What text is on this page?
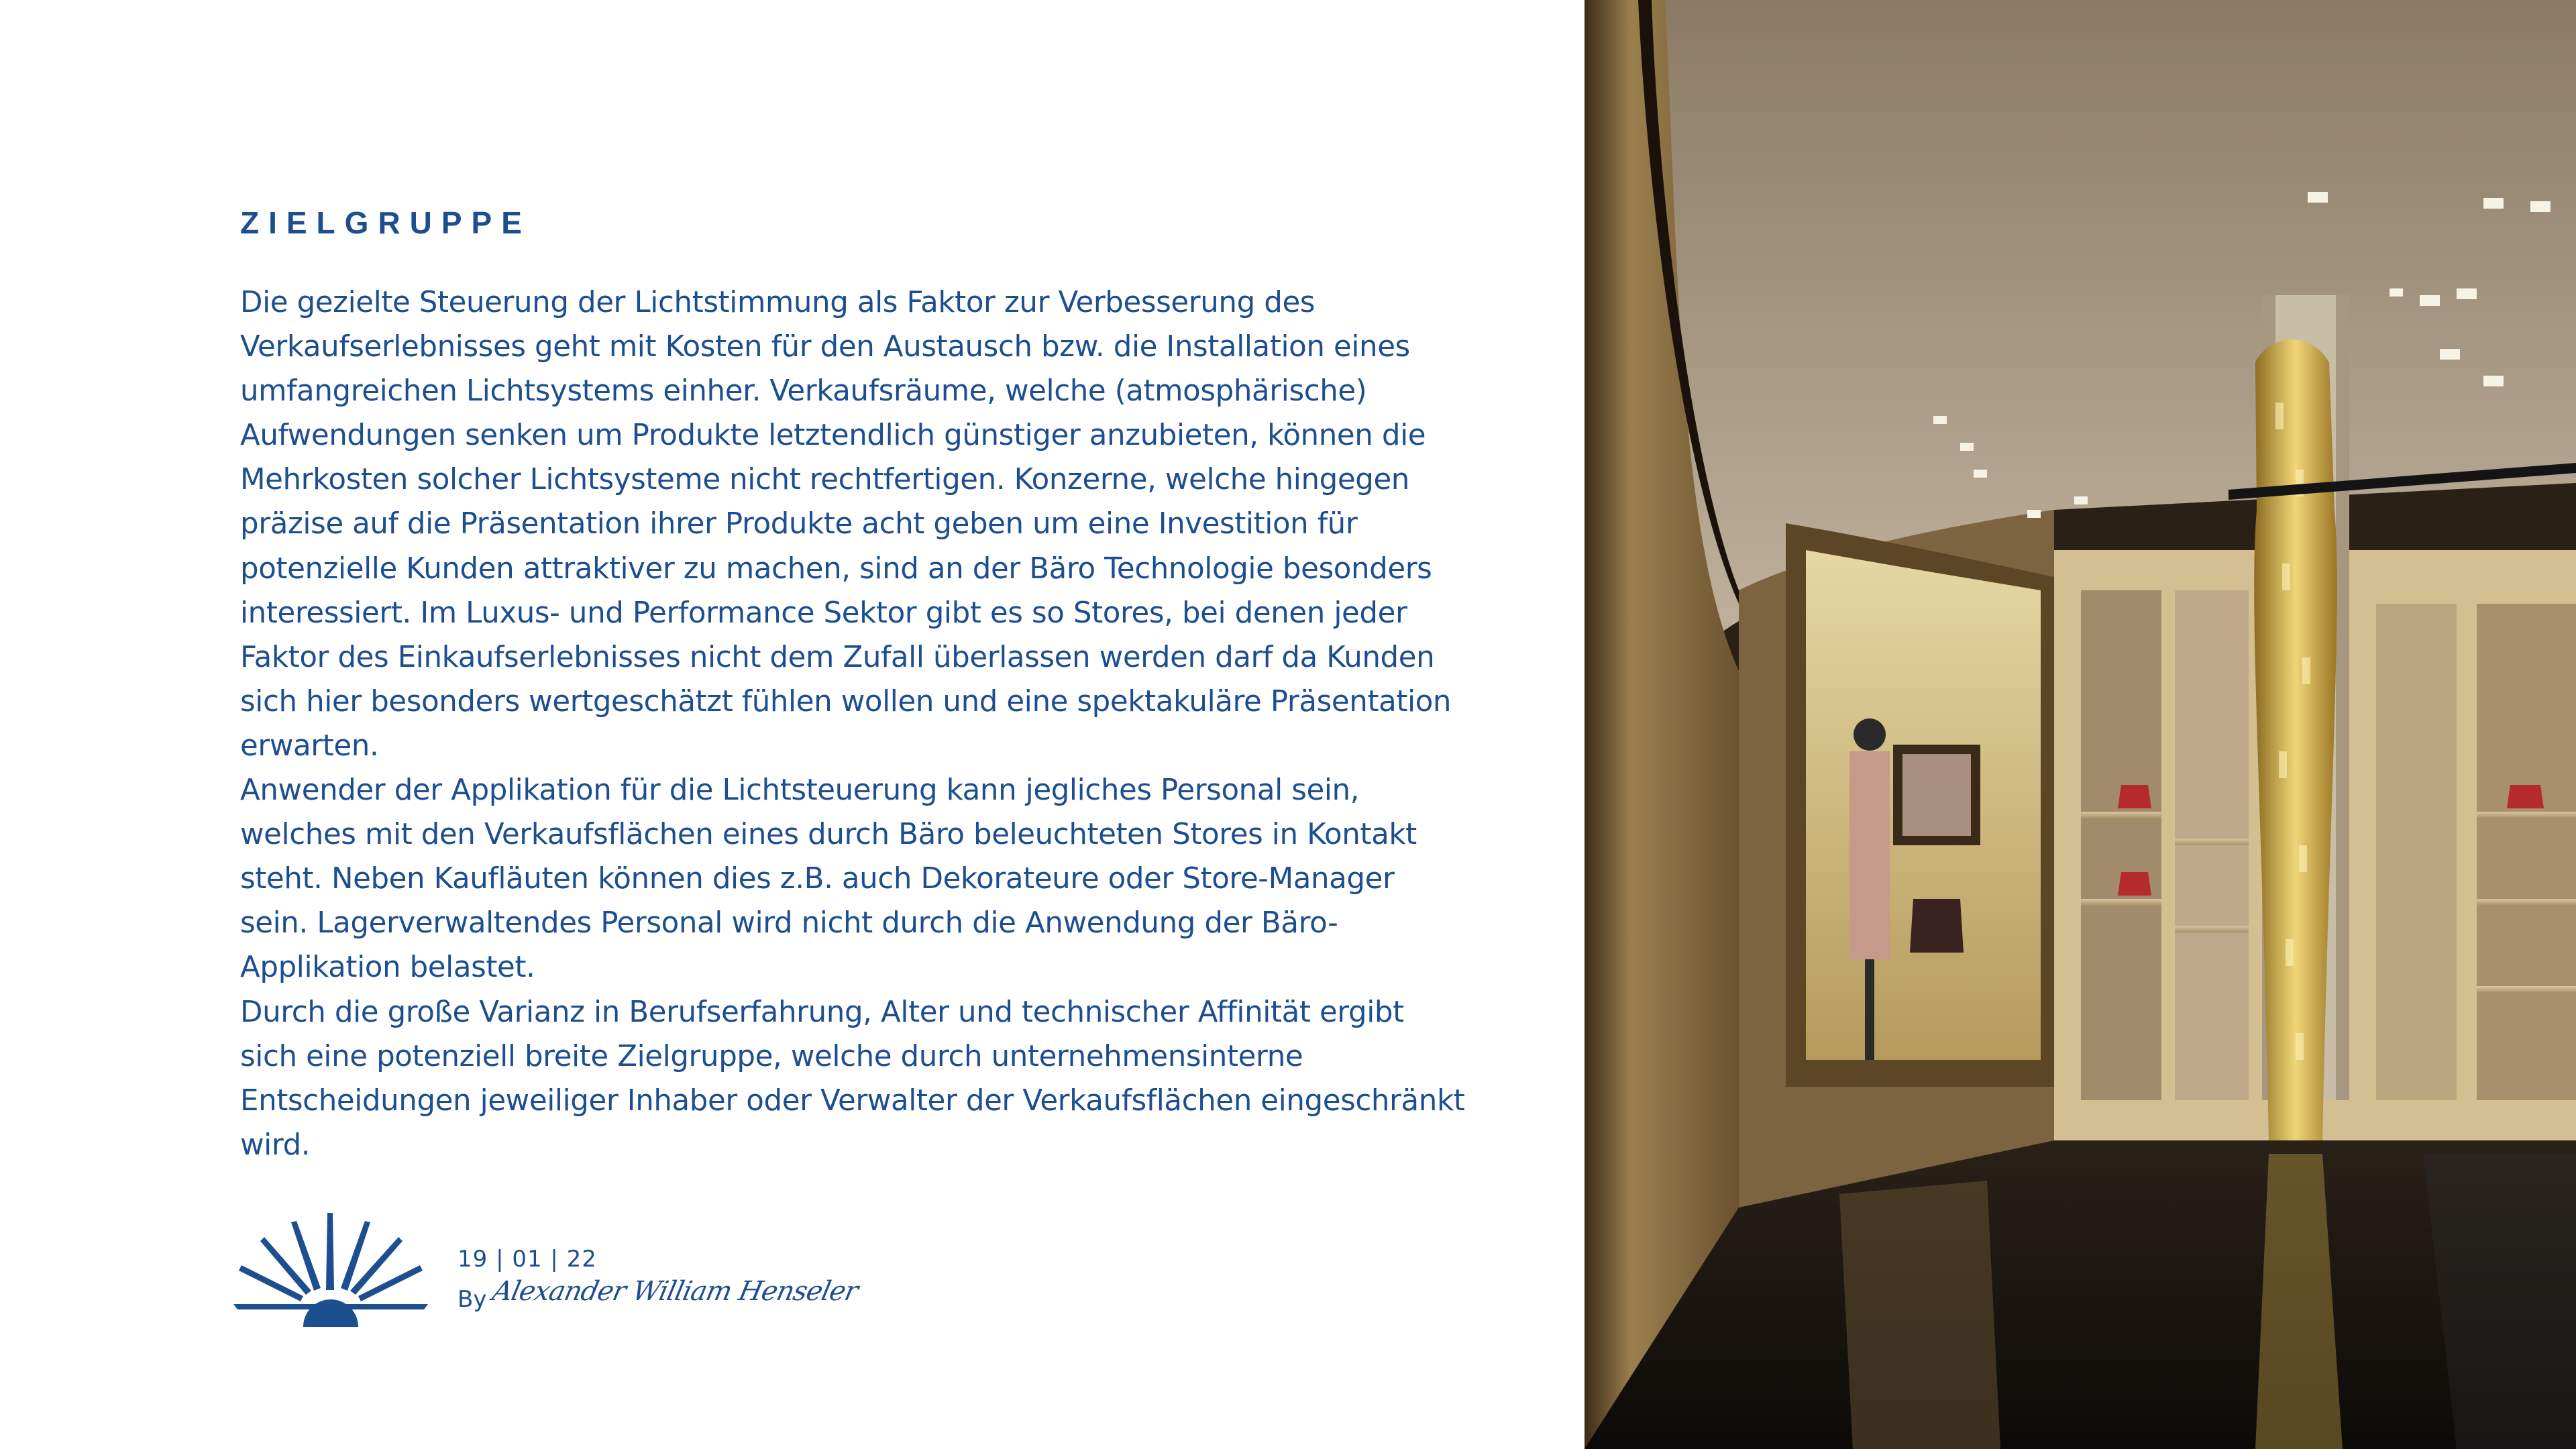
ZIELGRUPPE
Die gezielte Steuerung der Lichtstimmung als Faktor zur Verbesserung des
Verkaufserlebnisses geht mit Kosten für den Austausch bzw. die Installation eines
umfangreichen Lichtsystems einher. Verkaufsräume, welche (atmosphärische)
Aufwendungen senken um Produkte letztendlich günstiger anzubieten, können die
Mehrkosten solcher Lichtsysteme nicht rechtfertigen. Konzerne, welche hingegen
präzise auf die Präsentation ihrer Produkte acht geben um eine Investition für
potenzielle Kunden attraktiver zu machen, sind an der Bäro Technologie besonders
interessiert. Im Luxus- und Performance Sektor gibt es so Stores, bei denen jeder
Faktor des Einkaufserlebnisses nicht dem Zufall überlassen werden darf da Kunden
sich hier besonders wertgeschätzt fühlen wollen und eine spektakuläre Präsentation
erwarten.
Anwender der Applikation für die Lichtsteuerung kann jegliches Personal sein,
welches mit den Verkaufsflächen eines durch Bäro beleuchteten Stores in Kontakt
steht. Neben Kaufläuten können dies z.B. auch Dekorateure oder Store-Manager
sein. Lagerverwaltendes Personal wird nicht durch die Anwendung der Bäro-
Applikation belastet.
Durch die große Varianz in Berufserfahrung, Alter und technischer Affinität ergibt
sich eine potenziell breite Zielgruppe, welche durch unternehmensinterne
Entscheidungen jeweiliger Inhaber oder Verwalter der Verkaufsflächen eingeschränkt
wird.
19 | 01 | 22
By Alexander William Henseler
